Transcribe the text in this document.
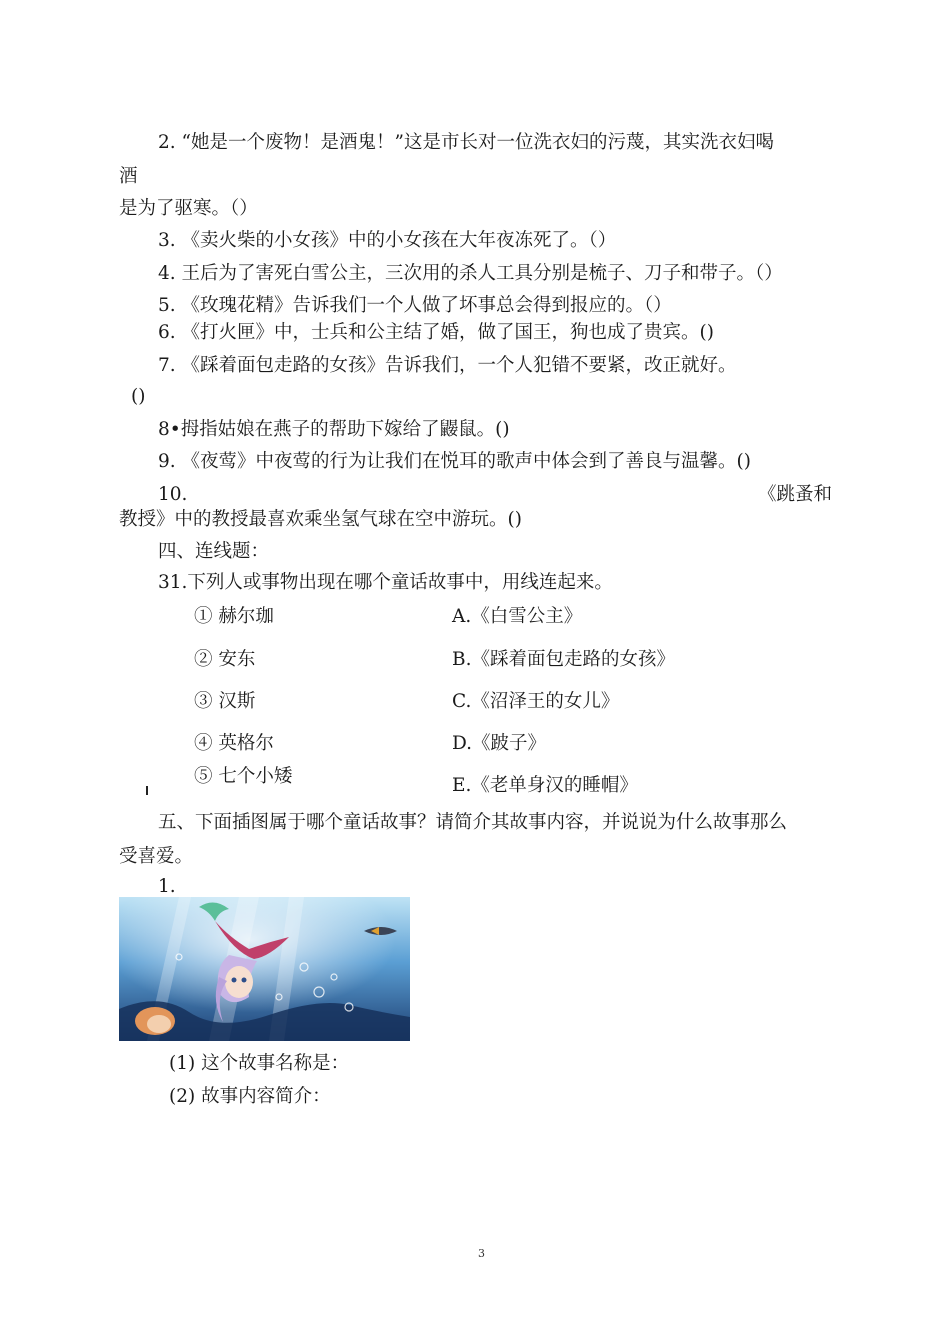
2. “她是一个废物！是酒鬼！”这是市长对一位洗衣妇的污蔑，其实洗衣妇喝
酒
是为了驱寒。（）
3. 《卖火柴的小女孩》中的小女孩在大年夜冻死了。（）
4. 王后为了害死白雪公主，三次用的杀人工具分别是梳子、刀子和带子。（）
5. 《玫瑰花精》告诉我们一个人做了坏事总会得到报应的。（）
6. 《打火匣》中，士兵和公主结了婚，做了国王，狗也成了贵宾。()
7. 《踩着面包走路的女孩》告诉我们，一个人犯错不要紧，改正就好。
()
8•拇指姑娘在燕子的帮助下嫁给了鼹鼠。()
9. 《夜莺》中夜莺的行为让我们在悦耳的歌声中体会到了善良与温馨。()
10.	《跳蚤和
教授》中的教授最喜欢乘坐氢气球在空中游玩。()
四、连线题：
31.下列人或事物出现在哪个童话故事中，用线连起来。
① 赫尔珈
② 安东
③ 汉斯
④ 英格尔
⑤ 七个小矮
A.《白雪公主》
B.《踩着面包走路的女孩》
C.《沼泽王的女儿》
D.《跛子》
E.《老单身汉的睡帽》
五、下面插图属于哪个童话故事？请简介其故事内容，并说说为什么故事那么
受喜爱。
1.
(1) 这个故事名称是：
(2) 故事内容简介：
3
